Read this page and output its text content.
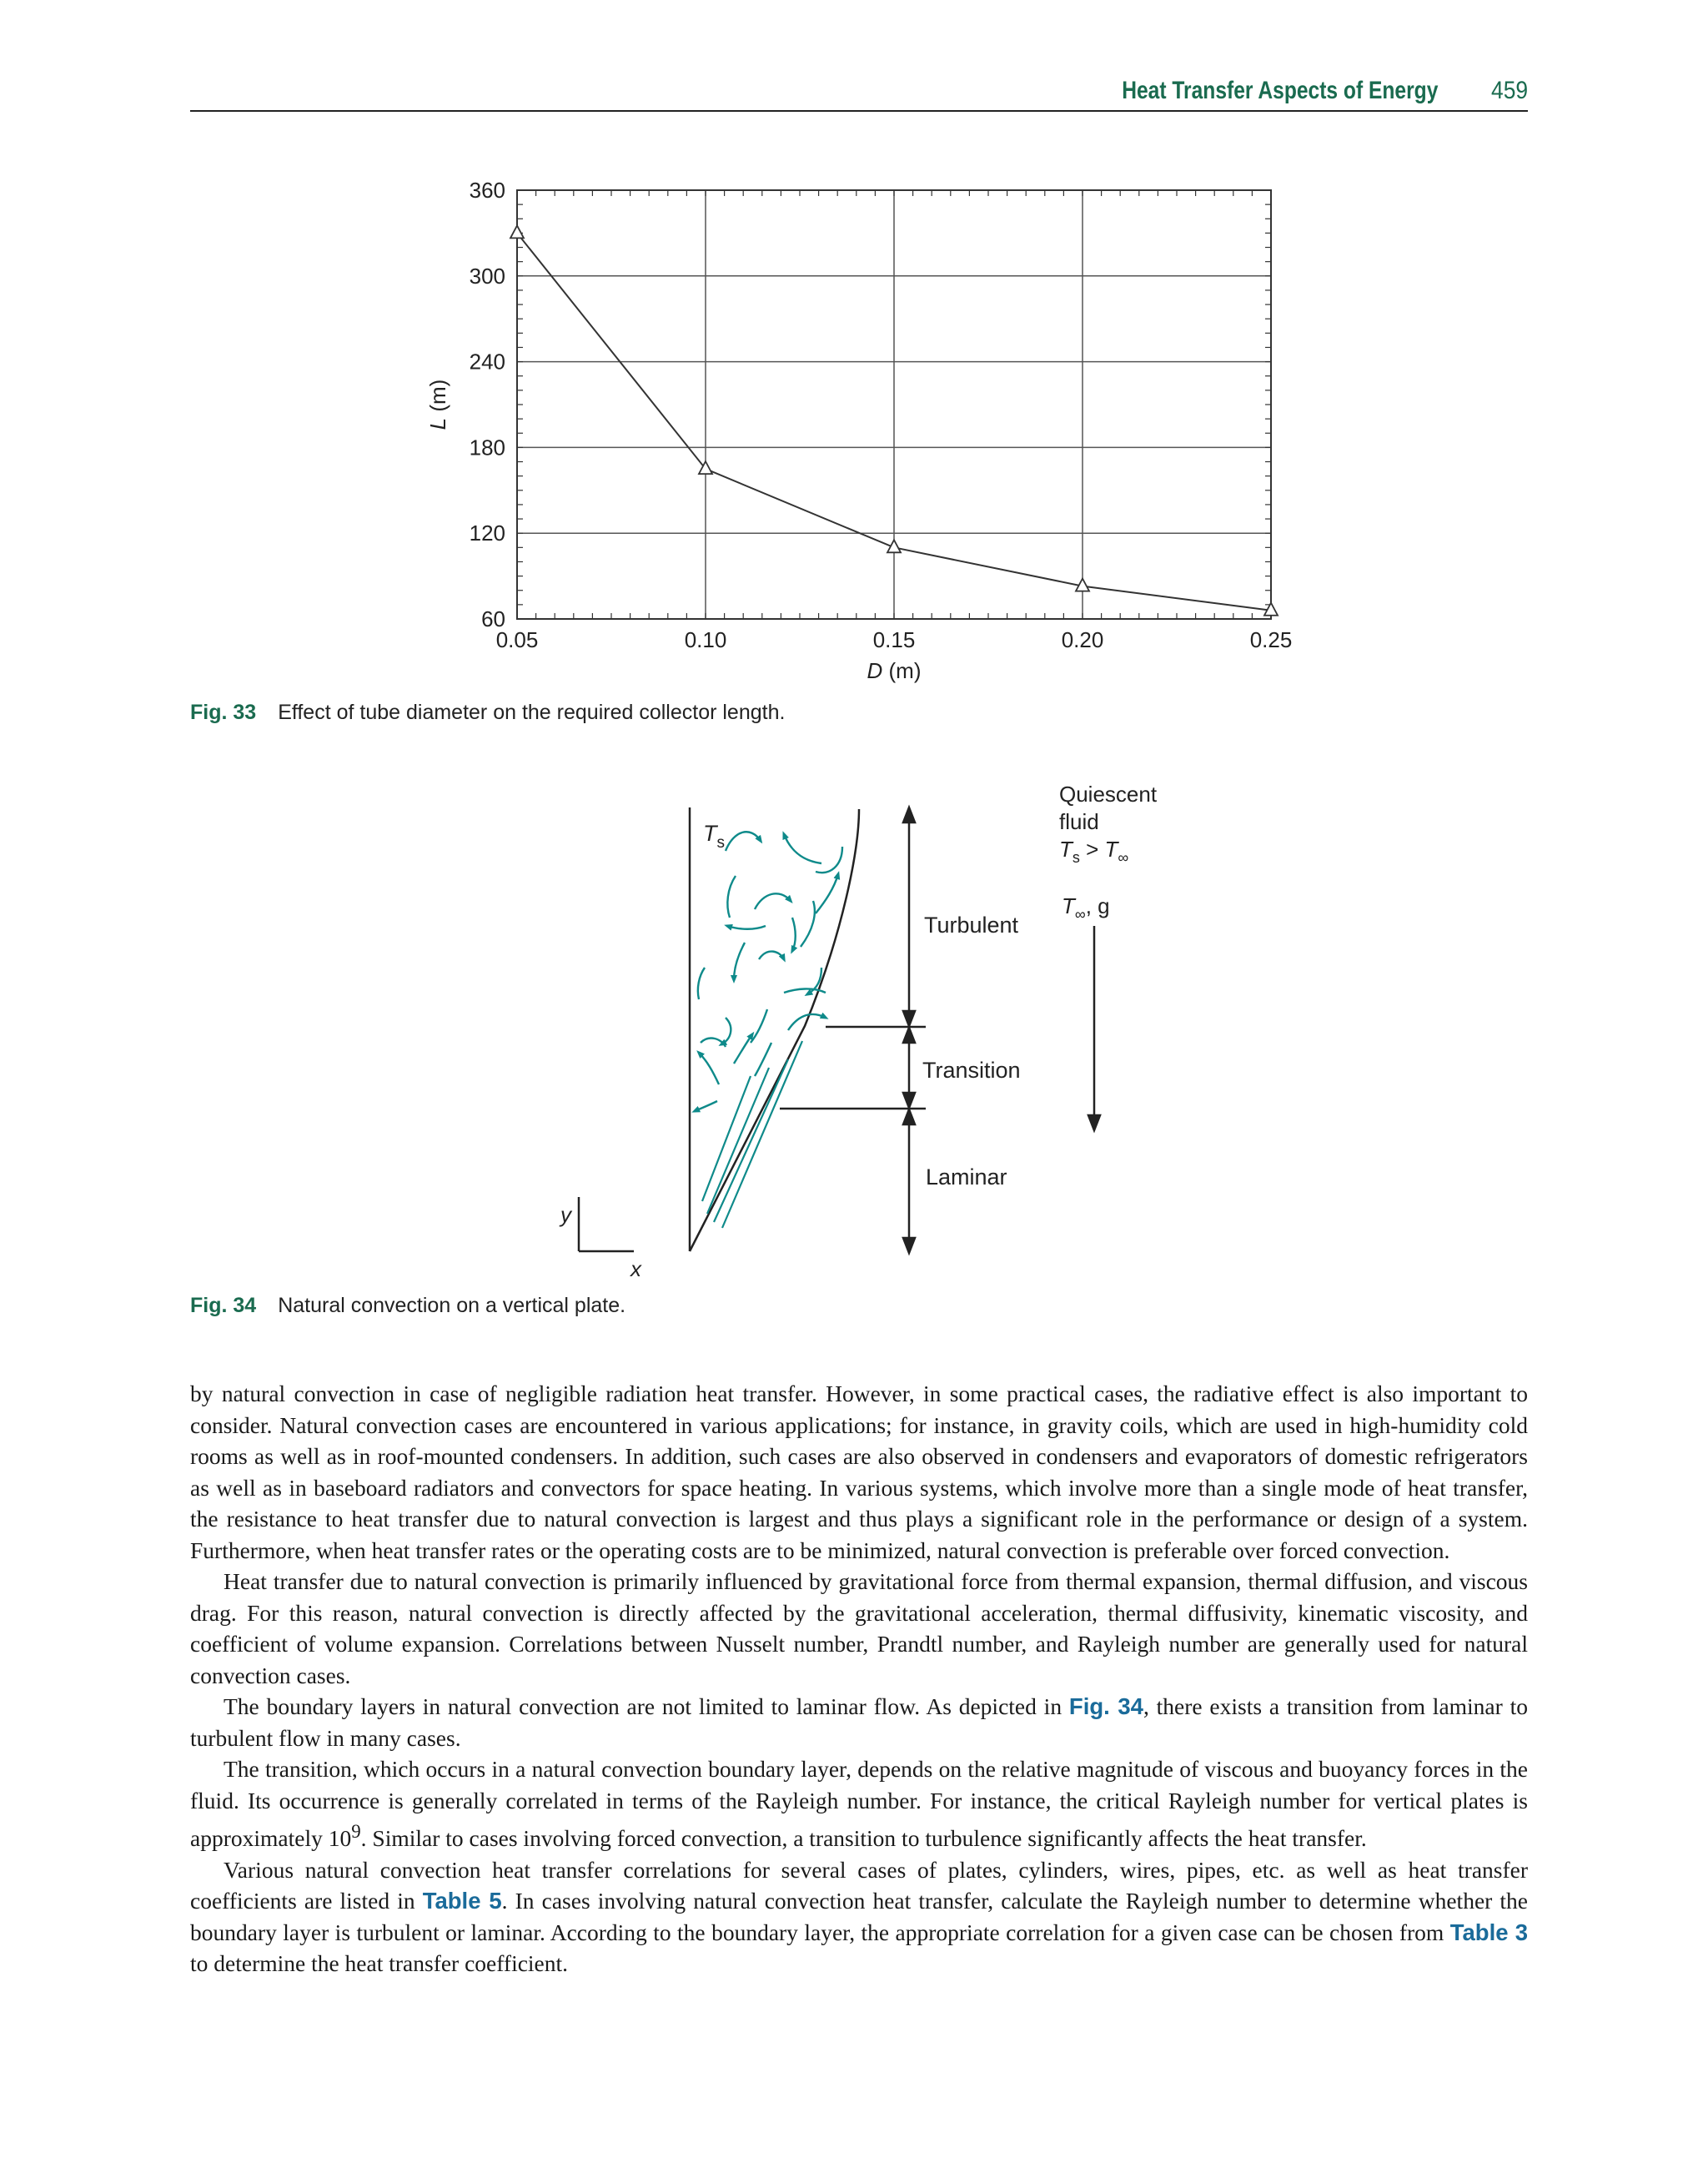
Heat Transfer Aspects of Energy 459
360
300
240
180
120
60
0.05	0.10	0.15	0.20	0.25
L (m)
D (m)
Fig. 33 Effect of tube diameter on the required collector length.
$T_s$
Turbulent
Transition
Laminar
Quiescent
fluid
$T_s > T_\infty$
$T_\infty$, g
y
x
Fig. 34 Natural convection on a vertical plate.

by natural convection in case of negligible radiation heat transfer. However, in some practical cases, the radiative effect is also important to consider. Natural convection cases are encountered in various applications; for instance, in gravity coils, which are used in high-humidity cold rooms as well as in roof-mounted condensers. In addition, such cases are also observed in condensers and evaporators of domestic refrigerators as well as in baseboard radiators and convectors for space heating. In various systems, which involve more than a single mode of heat transfer, the resistance to heat transfer due to natural convection is largest and thus plays a significant role in the performance or design of a system. Furthermore, when heat transfer rates or the operating costs are to be minimized, natural convection is preferable over forced convection.

Heat transfer due to natural convection is primarily influenced by gravitational force from thermal expansion, thermal diffusion, and viscous drag. For this reason, natural convection is directly affected by the gravitational acceleration, thermal diffusivity, kinematic viscosity, and coefficient of volume expansion. Correlations between Nusselt number, Prandtl number, and Rayleigh number are generally used for natural convection cases.

The boundary layers in natural convection are not limited to laminar flow. As depicted in Fig. 34, there exists a transition from laminar to turbulent flow in many cases.

The transition, which occurs in a natural convection boundary layer, depends on the relative magnitude of viscous and buoyancy forces in the fluid. Its occurrence is generally correlated in terms of the Rayleigh number. For instance, the critical Rayleigh number for vertical plates is approximately $10^9$. Similar to cases involving forced convection, a transition to turbulence significantly affects the heat transfer.

Various natural convection heat transfer correlations for several cases of plates, cylinders, wires, pipes, etc. as well as heat transfer coefficients are listed in Table 5. In cases involving natural convection heat transfer, calculate the Rayleigh number to determine whether the boundary layer is turbulent or laminar. According to the boundary layer, the appropriate correlation for a given case can be chosen from Table 3 to determine the heat transfer coefficient.
